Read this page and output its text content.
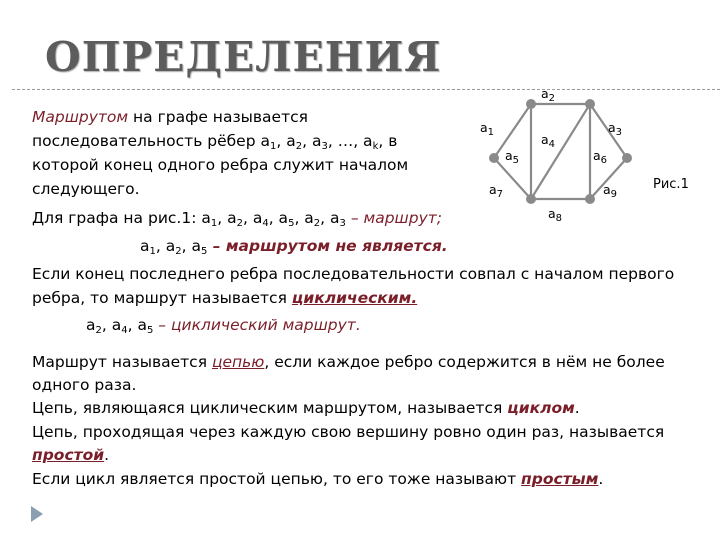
ОПРЕДЕЛЕНИЯ
Маршрутом на графе называется
последовательность рёбер $a_1$, $a_2$, $a_3$, …, $a_k$, в
которой конец одного ребра служит началом
следующего.
Для графа на рис.1: $a_1$, $a_2$, $a_4$, $a_5$, $a_2$, $a_3$ – маршрут;
$a_1$, $a_2$, $a_5$ – маршрутом не является.
Если конец последнего ребра последовательности совпал с началом первого
ребра, то маршрут называется циклическим.
$a_2$, $a_4$, $a_5$ – циклический маршрут.
Маршрут называется цепью, если каждое ребро содержится в нём не более
одного раза.
Цепь, являющаяся циклическим маршрутом, называется циклом.
Цепь, проходящая через каждую свою вершину ровно один раз, называется
простой.
Если цикл является простой цепью, то его тоже называют простым.
$a_2$
$a_1$	$a_3$
$a_4$
$a_5$	$a_6$
$a_7$
$a_8$
$a_9$
Рис.1
